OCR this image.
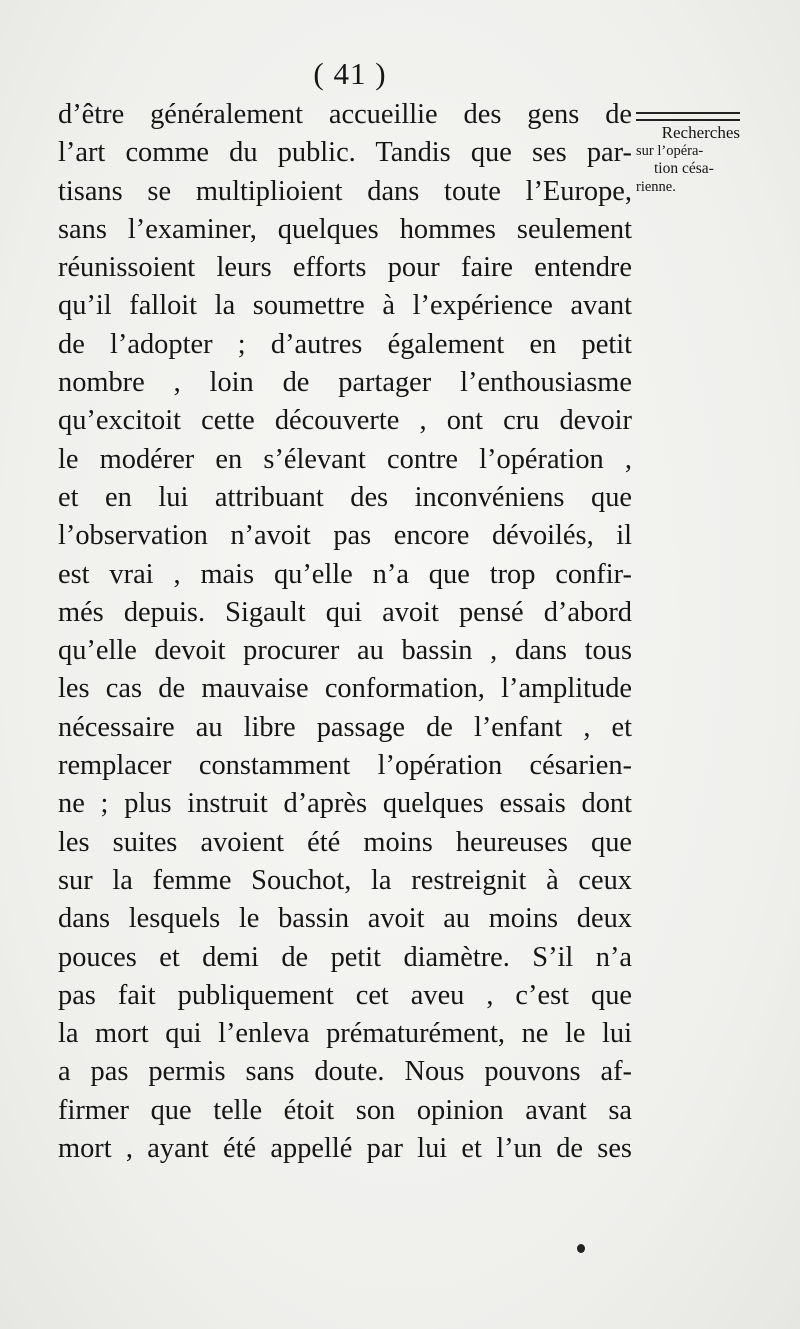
( 41 )
Recherches
sur l’opéra-
tion césa-
rienne.
d’être généralement accueillie des gens de
l’art comme du public. Tandis que ses par-
tisans se multiplioient dans toute l’Europe,
sans l’examiner, quelques hommes seulement
réunissoient leurs efforts pour faire entendre
qu’il falloit la soumettre à l’expérience avant
de l’adopter ; d’autres également en petit
nombre , loin de partager l’enthousiasme
qu’excitoit cette découverte , ont cru devoir
le modérer en s’élevant contre l’opération ,
et en lui attribuant des inconvéniens que
l’observation n’avoit pas encore dévoilés, il
est vrai , mais qu’elle n’a que trop confir-
més depuis. Sigault qui avoit pensé d’abord
qu’elle devoit procurer au bassin , dans tous
les cas de mauvaise conformation, l’amplitude
nécessaire au libre passage de l’enfant , et
remplacer constamment l’opération césarien-
ne ; plus instruit d’après quelques essais dont
les suites avoient été moins heureuses que
sur la femme Souchot, la restreignit à ceux
dans lesquels le bassin avoit au moins deux
pouces et demi de petit diamètre. S’il n’a
pas fait publiquement cet aveu , c’est que
la mort qui l’enleva prématurément, ne le lui
a pas permis sans doute. Nous pouvons af-
firmer que telle étoit son opinion avant sa
mort , ayant été appellé par lui et l’un de ses
